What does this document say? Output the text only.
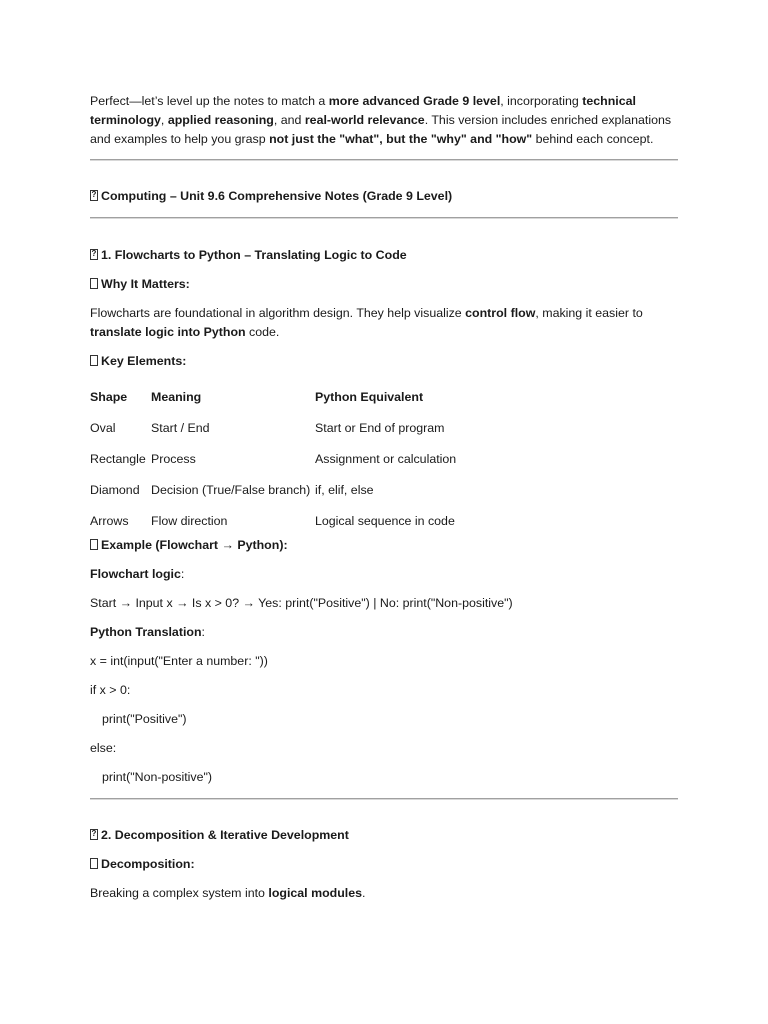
Perfect—let’s level up the notes to match a more advanced Grade 9 level, incorporating technical terminology, applied reasoning, and real-world relevance. This version includes enriched explanations and examples to help you grasp not just the "what", but the "why" and "how" behind each concept.
?Computing – Unit 9.6 Comprehensive Notes (Grade 9 Level)
?1. Flowcharts to Python – Translating Logic to Code
Why It Matters:
Flowcharts are foundational in algorithm design. They help visualize control flow, making it easier to
translate logic into Python code.
Key Elements:
Shape	Meaning	Python Equivalent
Oval	Start / End	Start or End of program
Rectangle	Process	Assignment or calculation
Diamond	Decision (True/False branch)	if, elif, else
Arrows	Flow direction	Logical sequence in code
Example (Flowchart → Python):
Flowchart logic:
Start → Input x → Is x > 0? → Yes: print("Positive") | No: print("Non-positive")
Python Translation:
x = int(input("Enter a number: "))
if x > 0:
print("Positive")
else:
print("Non-positive")
?2. Decomposition & Iterative Development
Decomposition:
Breaking a complex system into logical modules.
